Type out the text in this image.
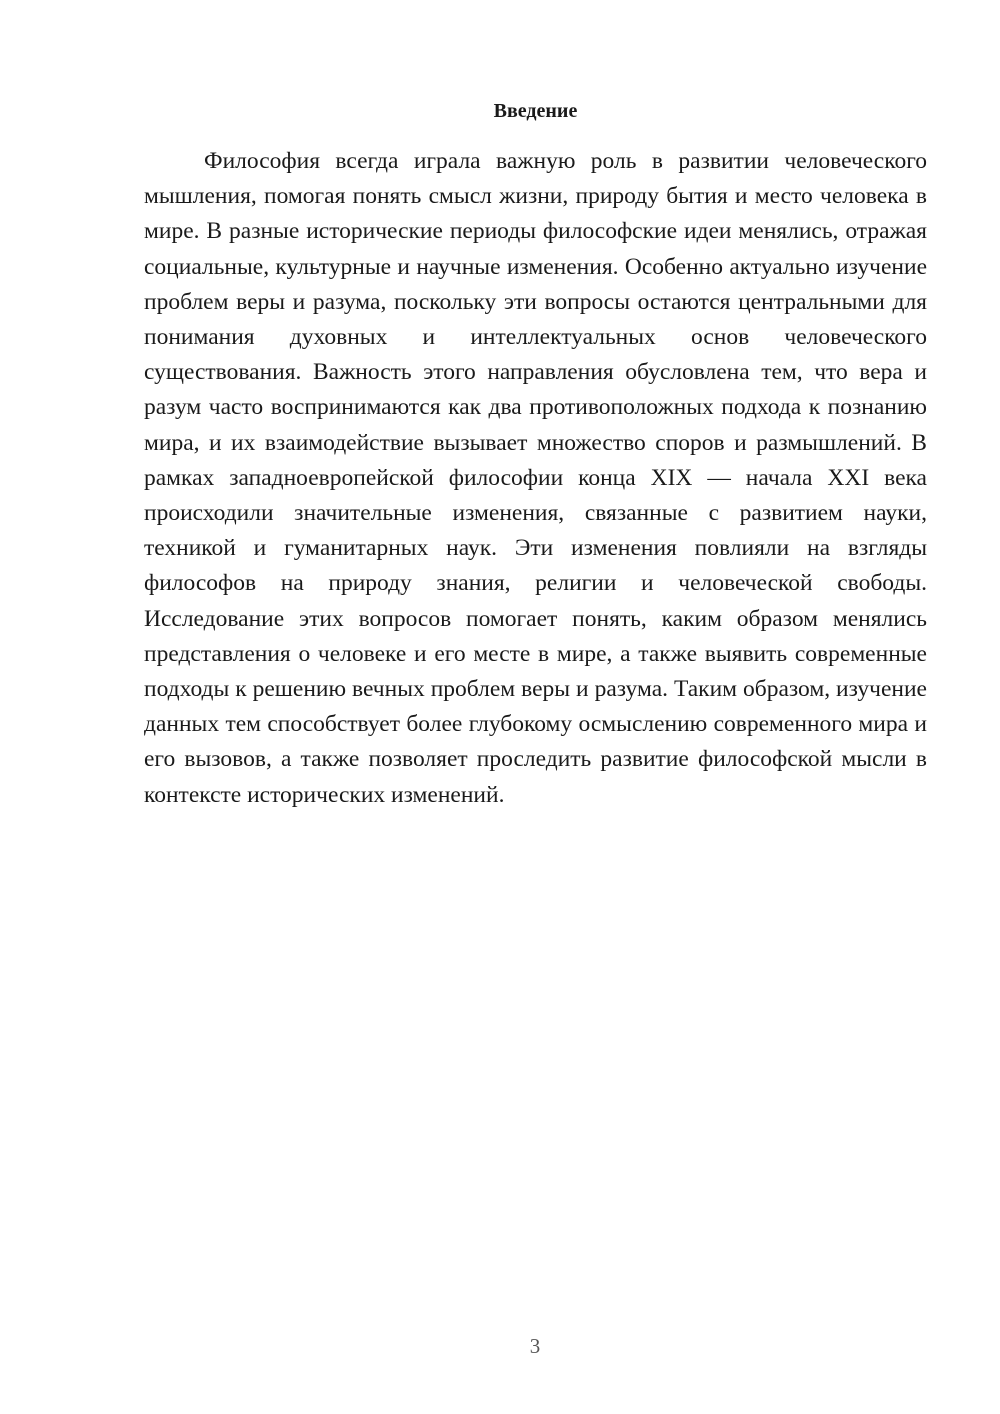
Введение

Философия всегда играла важную роль в развитии человеческого мышления, помогая понять смысл жизни, природу бытия и место человека в мире. В разные исторические периоды философские идеи менялись, отражая социальные, культурные и научные изменения. Особенно актуально изучение проблем веры и разума, поскольку эти вопросы остаются центральными для понимания духовных и интеллектуальных основ человеческого существования. Важность этого направления обусловлена тем, что вера и разум часто воспринимаются как два противоположных подхода к познанию мира, и их взаимодействие вызывает множество споров и размышлений. В рамках западноевропейской философии конца XIX — начала XXI века происходили значительные изменения, связанные с развитием науки, техникой и гуманитарных наук. Эти изменения повлияли на взгляды философов на природу знания, религии и человеческой свободы. Исследование этих вопросов помогает понять, каким образом менялись представления о человеке и его месте в мире, а также выявить современные подходы к решению вечных проблем веры и разума. Таким образом, изучение данных тем способствует более глубокому осмыслению современного мира и его вызовов, а также позволяет проследить развитие философской мысли в контексте исторических изменений.

3
